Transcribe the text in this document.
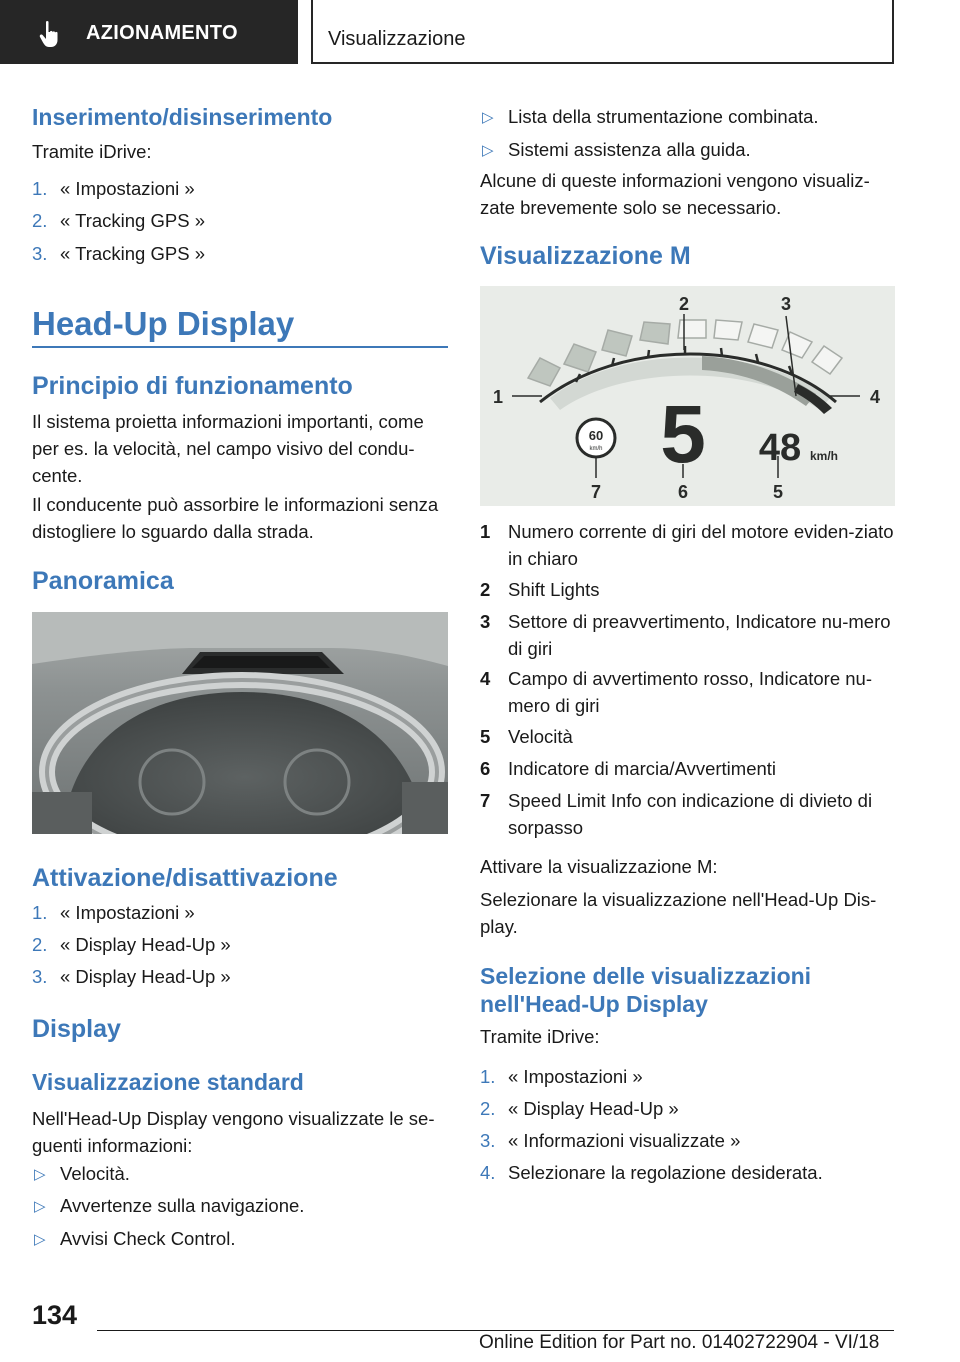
AZIONAMENTO	Visualizzazione
Inserimento/disinserimento
Tramite iDrive:
1. « Impostazioni »
2. « Tracking GPS »
3. « Tracking GPS »
Head-Up Display
Principio di funzionamento
Il sistema proietta informazioni importanti, come per es. la velocità, nel campo visivo del condu-cente.
Il conducente può assorbire le informazioni senza distogliere lo sguardo dalla strada.
Panoramica
Attivazione/disattivazione
1. « Impostazioni »
2. « Display Head-Up »
3. « Display Head-Up »
Display
Visualizzazione standard
Nell'Head-Up Display vengono visualizzate le se-guenti informazioni:
▷ Velocità.
▷ Avvertenze sulla navigazione.
▷ Avvisi Check Control.
▷ Lista della strumentazione combinata.
▷ Sistemi assistenza alla guida.
Alcune di queste informazioni vengono visualiz-zate brevemente solo se necessario.
Visualizzazione M
60
km/h 5 48 km/h
1
2	3
4
5
6
7
1 Numero corrente di giri del motore eviden-ziato in chiaro
2 Shift Lights
3 Settore di preavvertimento, Indicatore nu-mero di giri
4 Campo di avvertimento rosso, Indicatore nu-mero di giri
5 Velocità
6 Indicatore di marcia/Avvertimenti
7 Speed Limit Info con indicazione di divieto di sorpasso
Attivare la visualizzazione M:
Selezionare la visualizzazione nell'Head-Up Dis-play.
Selezione delle visualizzazioni nell'Head-Up Display
Tramite iDrive:
1. « Impostazioni »
2. « Display Head-Up »
3. « Informazioni visualizzate »
4. Selezionare la regolazione desiderata.
134
Online Edition for Part no. 01402722904 - VI/18
